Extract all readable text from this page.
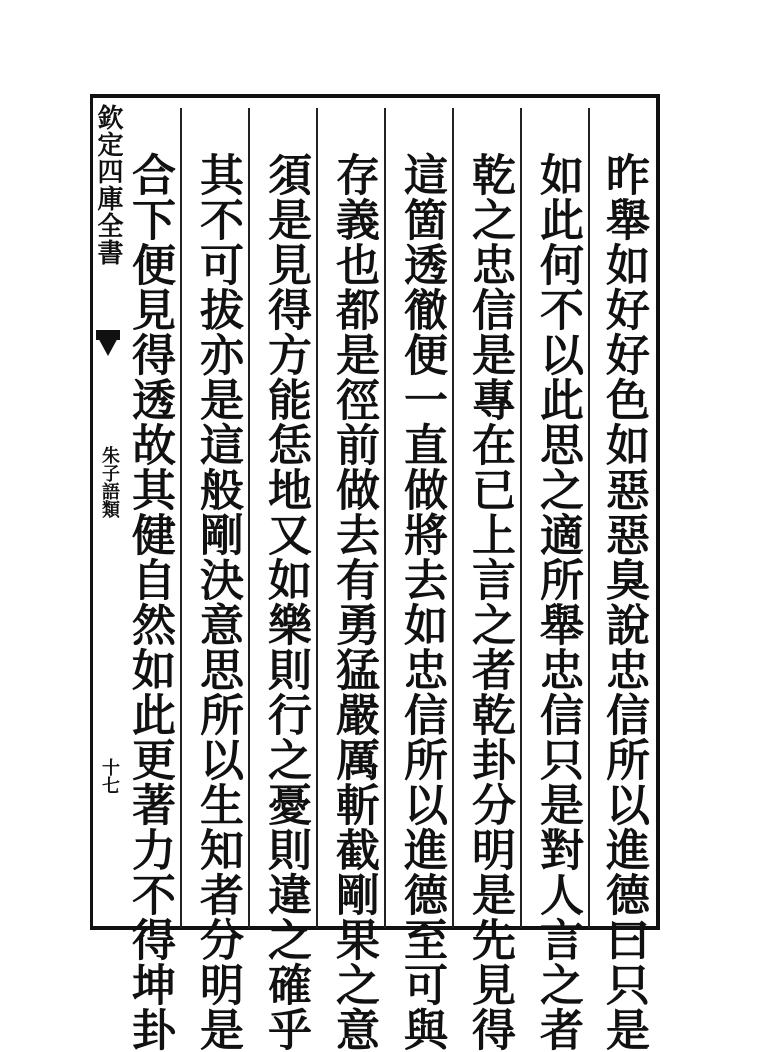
欽定四庫全書
朱子語類
十七	昨舉如好好色如惡惡臭說忠信所以進德曰只是
如此何不以此思之適所舉忠信只是對人言之者
乾之忠信是專在已上言之者乾卦分明是先見得
這箇透徹便一直做將去如忠信所以進德至可與
存義也都是徑前做去有勇猛嚴厲斬截剛果之意
須是見得方能恁地又如樂則行之憂則違之確乎
其不可拔亦是這般剛決意思所以生知者分明是
合下便見得透故其健自然如此更著力不得坤卦
